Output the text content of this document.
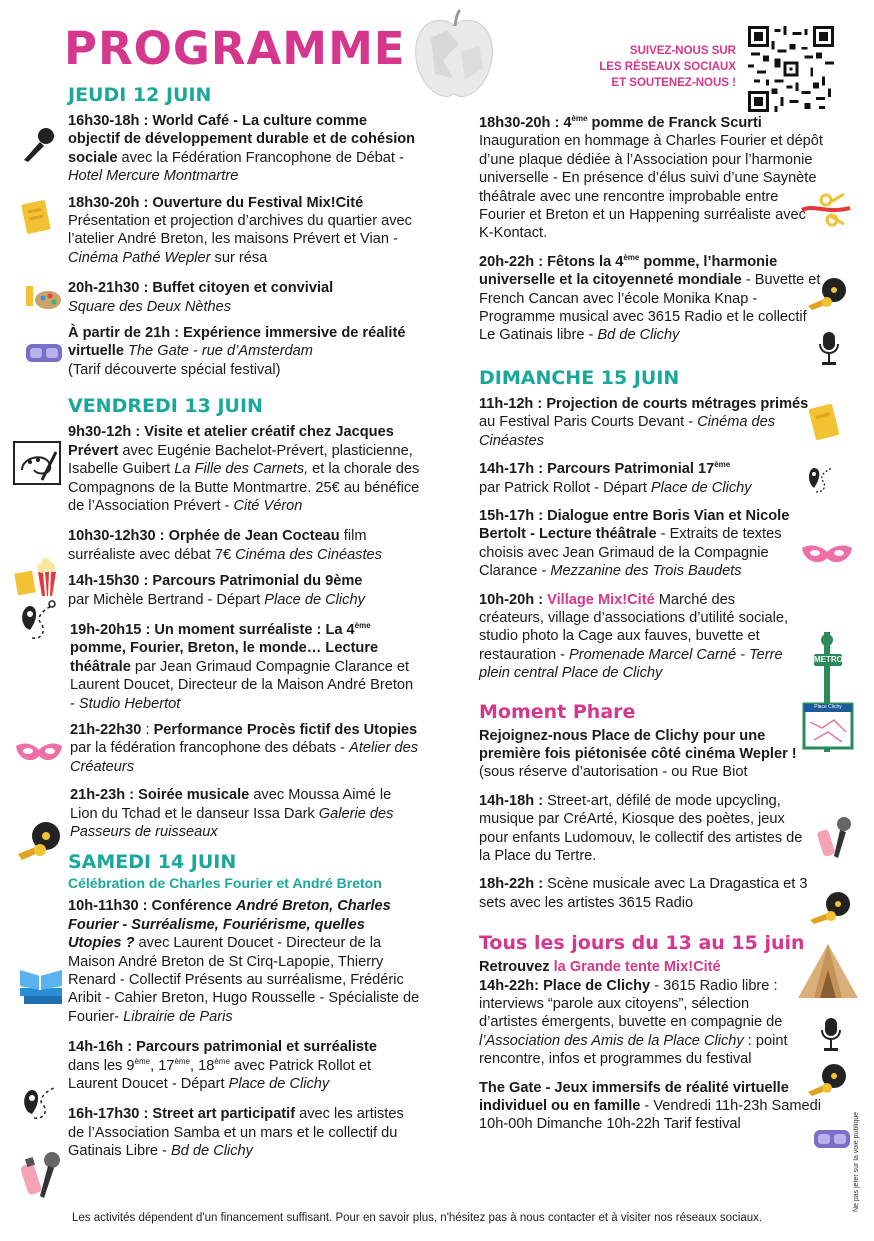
PROGRAMME	SUIVEZ-NOUS SUR
LES RÉSEAUX SOCIAUX
ET SOUTENEZ-NOUS !
JEUDI 12 JUIN
16h30-18h : World Café - La culture comme objectif de développement durable et de cohésion sociale avec la Fédération Francophone de Débat - Hotel Mercure Montmartre
18h30-20h : Ouverture du Festival Mix!Cité
Présentation et projection d’archives du quartier avec l’atelier André Breton, les maisons Prévert et Vian - Cinéma Pathé Wepler sur résa
20h-21h30 : Buffet citoyen et convivial
Square des Deux Nèthes
À partir de 21h : Expérience immersive de réalité virtuelle The Gate - rue d’Amsterdam
(Tarif découverte spécial festival)
VENDREDI 13 JUIN
9h30-12h : Visite et atelier créatif chez Jacques Prévert avec Eugénie Bachelot-Prévert, plasticienne, Isabelle Guibert La Fille des Carnets, et la chorale des Compagnons de la Butte Montmartre. 25€ au bénéfice de l’Association Prévert - Cité Véron
10h30-12h30 : Orphée de Jean Cocteau film surréaliste avec débat 7€ Cinéma des Cinéastes
14h-15h30 : Parcours Patrimonial du 9ème
par Michèle Bertrand - Départ Place de Clichy
19h-20h15 : Un moment surréaliste : La 4ème pomme, Fourier, Breton, le monde… Lecture théâtrale par Jean Grimaud Compagnie Clarance et Laurent Doucet, Directeur de la Maison André Breton - Studio Hebertot
21h-22h30 : Performance Procès fictif des Utopies par la fédération francophone des débats - Atelier des Créateurs
21h-23h : Soirée musicale avec Moussa Aimé le Lion du Tchad et le danseur Issa Dark Galerie des Passeurs de ruisseaux
SAMEDI 14 JUIN
Célébration de Charles Fourier et André Breton
10h-11h30 : Conférence André Breton, Charles Fourier - Surréalisme, Fouriérisme, quelles Utopies ? avec Laurent Doucet - Directeur de la Maison André Breton de St Cirq-Lapopie, Thierry Renard - Collectif Présents au surréalisme, Frédéric Aribit - Cahier Breton, Hugo Rousselle - Spécialiste de Fourier- Librairie de Paris
14h-16h : Parcours patrimonial et surréaliste
dans les 9ème, 17ème, 18ème avec Patrick Rollot et Laurent Doucet - Départ Place de Clichy
16h-17h30 : Street art participatif avec les artistes de l’Association Samba et un mars et le collectif du Gatinais Libre - Bd de Clichy
18h30-20h : 4ème pomme de Franck Scurti
Inauguration en hommage à Charles Fourier et dépôt d’une plaque dédiée à l’Association pour l’harmonie universelle - En présence d’élus suivi d’une Saynète théâtrale avec une rencontre improbable entre Fourier et Breton et un Happening surréaliste avec K-Kontact.
20h-22h : Fêtons la 4ème pomme, l’harmonie universelle et la citoyenneté mondiale - Buvette et French Cancan avec l’école Monika Knap - Programme musical avec 3615 Radio et le collectif Le Gatinais libre - Bd de Clichy
DIMANCHE 15 JUIN
11h-12h : Projection de courts métrages primés au Festival Paris Courts Devant - Cinéma des Cinéastes
14h-17h : Parcours Patrimonial 17ème
par Patrick Rollot - Départ Place de Clichy
15h-17h : Dialogue entre Boris Vian et Nicole Bertolt - Lecture théâtrale - Extraits de textes choisis avec Jean Grimaud de la Compagnie Clarance - Mezzanine des Trois Baudets
10h-20h : Village Mix!Cité Marché des créateurs, village d’associations d’utilité sociale, studio photo la Cage aux fauves, buvette et restauration - Promenade Marcel Carné - Terre plein central Place de Clichy
Moment Phare
Rejoignez-nous Place de Clichy pour une première fois piétonisée côté cinéma Wepler ! (sous réserve d’autorisation - ou Rue Biot
14h-18h : Street-art, défilé de mode upcycling, musique par CréArté, Kiosque des poètes, jeux pour enfants Ludomouv, le collectif des artistes de la Place du Tertre.
18h-22h : Scène musicale avec La Dragastica et 3 sets avec les artistes 3615 Radio
Tous les jours du 13 au 15 juin
Retrouvez la Grande tente Mix!Cité
14h-22h: Place de Clichy - 3615 Radio libre : interviews “parole aux citoyens”, sélection d’artistes émergents, buvette en compagnie de l’Association des Amis de la Place Clichy : point rencontre, infos et programmes du festival
The Gate - Jeux immersifs de réalité virtuelle individuel ou en famille - Vendredi 11h-23h Samedi 10h-00h Dimanche 10h-22h Tarif festival
METRO
Place Clichy
Ne pas jeter sur la voie publique
Les activités dépendent d'un financement suffisant. Pour en savoir plus, n'hésitez pas à nous contacter et à visiter nos réseaux sociaux.
